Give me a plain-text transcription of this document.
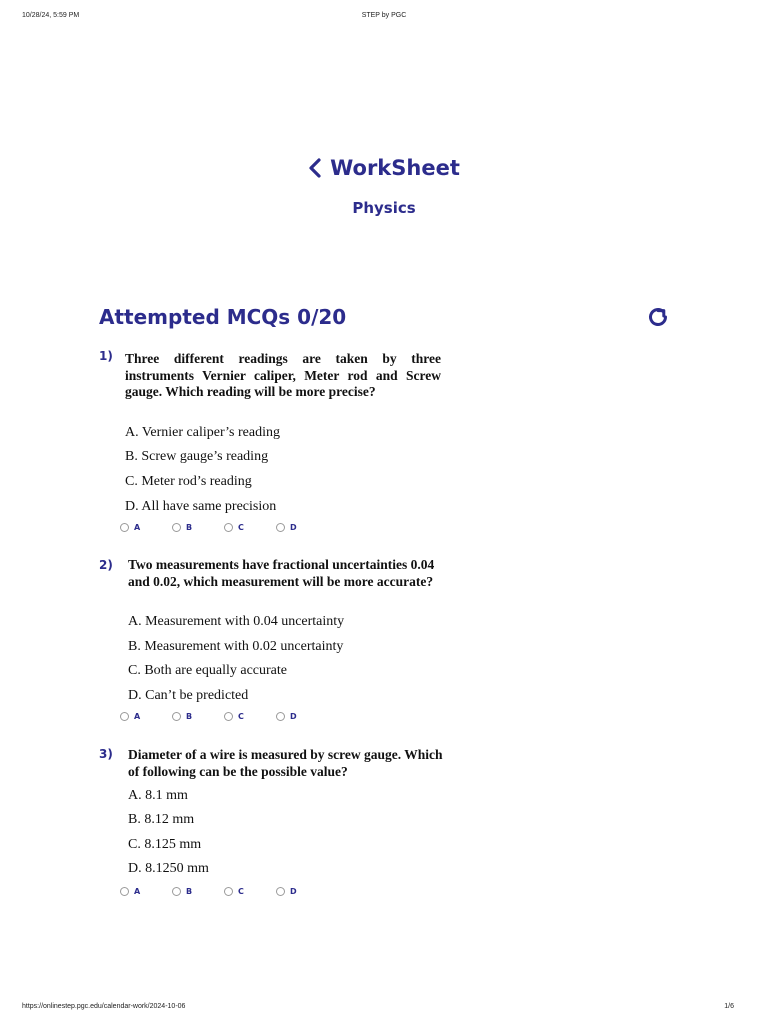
10/28/24, 5:59 PM	STEP by PGC
https://onlinestep.pgc.edu/calendar-work/2024-10-06	1/6
WorkSheet
Physics
Attempted MCQs 0/20
1) Three different readings are taken by three instruments Vernier caliper, Meter rod and Screw gauge. Which reading will be more precise?
A. Vernier caliper’s reading
B. Screw gauge’s reading
C. Meter rod’s reading
D. All have same precision
A	B	C	D
2) Two measurements have fractional uncertainties 0.04 and 0.02, which measurement will be more accurate?
A. Measurement with 0.04 uncertainty
B. Measurement with 0.02 uncertainty
C. Both are equally accurate
D. Can’t be predicted
A	B	C	D
3) Diameter of a wire is measured by screw gauge. Which of following can be the possible value?
A. 8.1 mm
B. 8.12 mm
C. 8.125 mm
D. 8.1250 mm
A	B	C	D
